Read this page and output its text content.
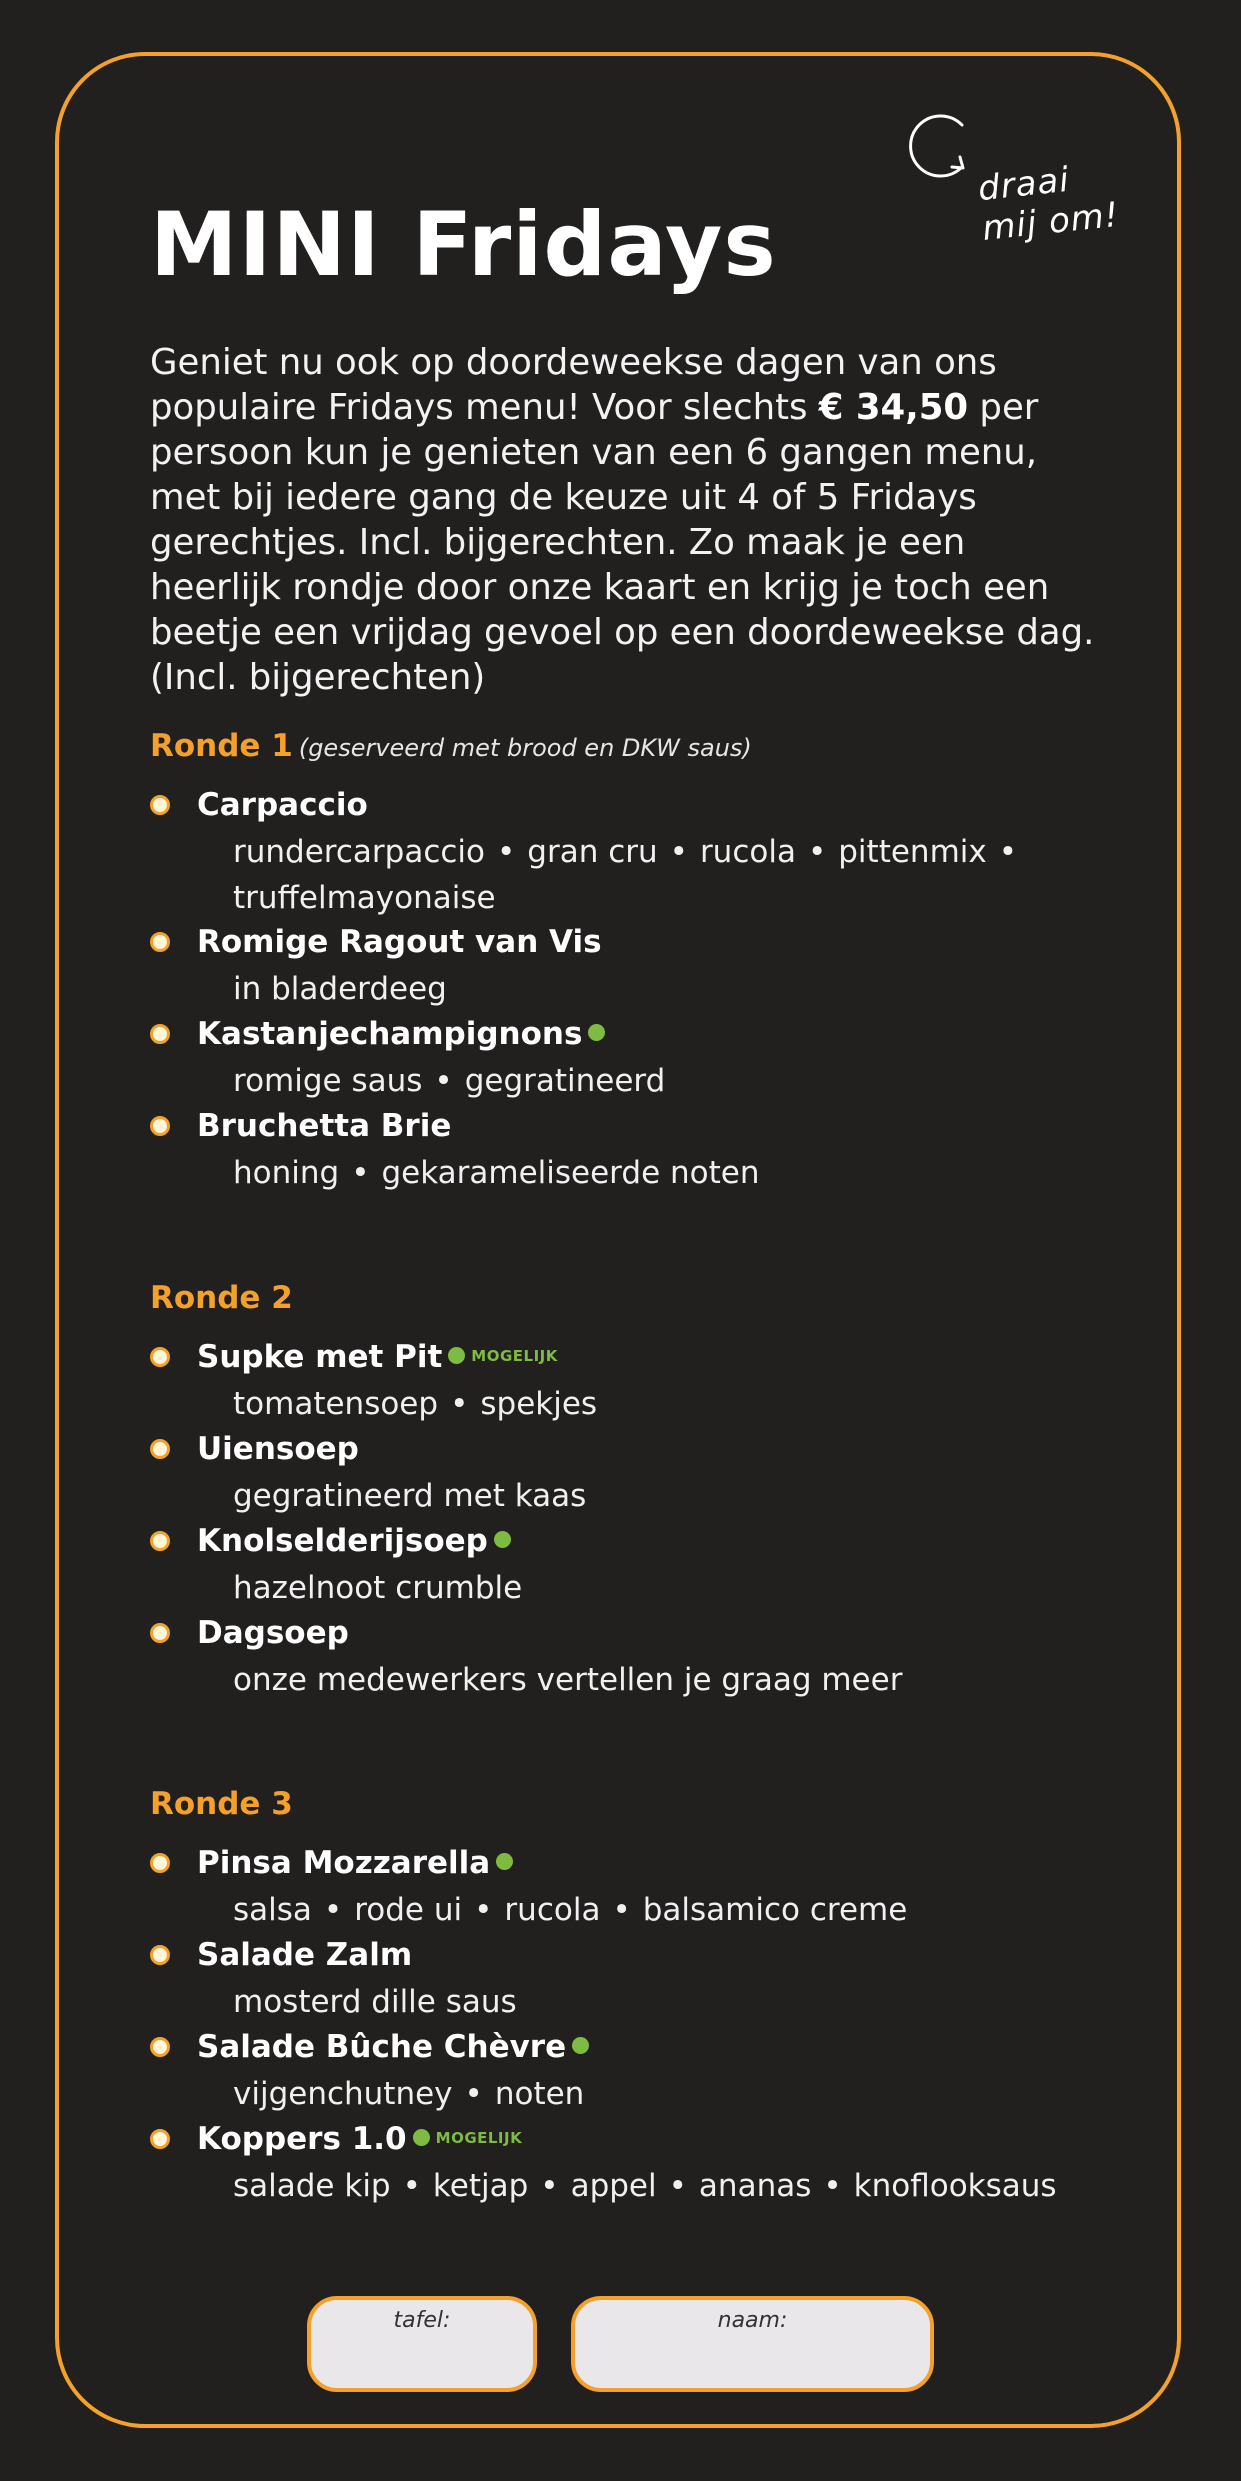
draai
mij om!
MINI Fridays

Geniet nu ook op doordeweekse dagen van ons populaire Fridays menu! Voor slechts € 34,50 per persoon kun je genieten van een 6 gangen menu, met bij iedere gang de keuze uit 4 of 5 Fridays gerechtjes. Incl. bijgerechten. Zo maak je een heerlijk rondje door onze kaart en krijg je toch een beetje een vrijdag gevoel op een doordeweekse dag. (Incl. bijgerechten)

Ronde 1 (geserveerd met brood en DKW saus)
Carpaccio
rundercarpaccio • gran cru • rucola • pittenmix •
truffelmayonaise
Romige Ragout van Vis
in bladerdeeg
Kastanjechampignons
romige saus • gegratineerd
Bruchetta Brie
honing • gekarameliseerde noten
Ronde 2
Supke met Pit MOGELIJK
tomatensoep • spekjes
Uiensoep
gegratineerd met kaas
Knolselderijsoep
hazelnoot crumble
Dagsoep
onze medewerkers vertellen je graag meer
Ronde 3
Pinsa Mozzarella
salsa • rode ui • rucola • balsamico creme
Salade Zalm
mosterd dille saus
Salade Bûche Chèvre
vijgenchutney • noten
Koppers 1.0 MOGELIJK
salade kip • ketjap • appel • ananas • knoflooksaus
tafel:	naam:
